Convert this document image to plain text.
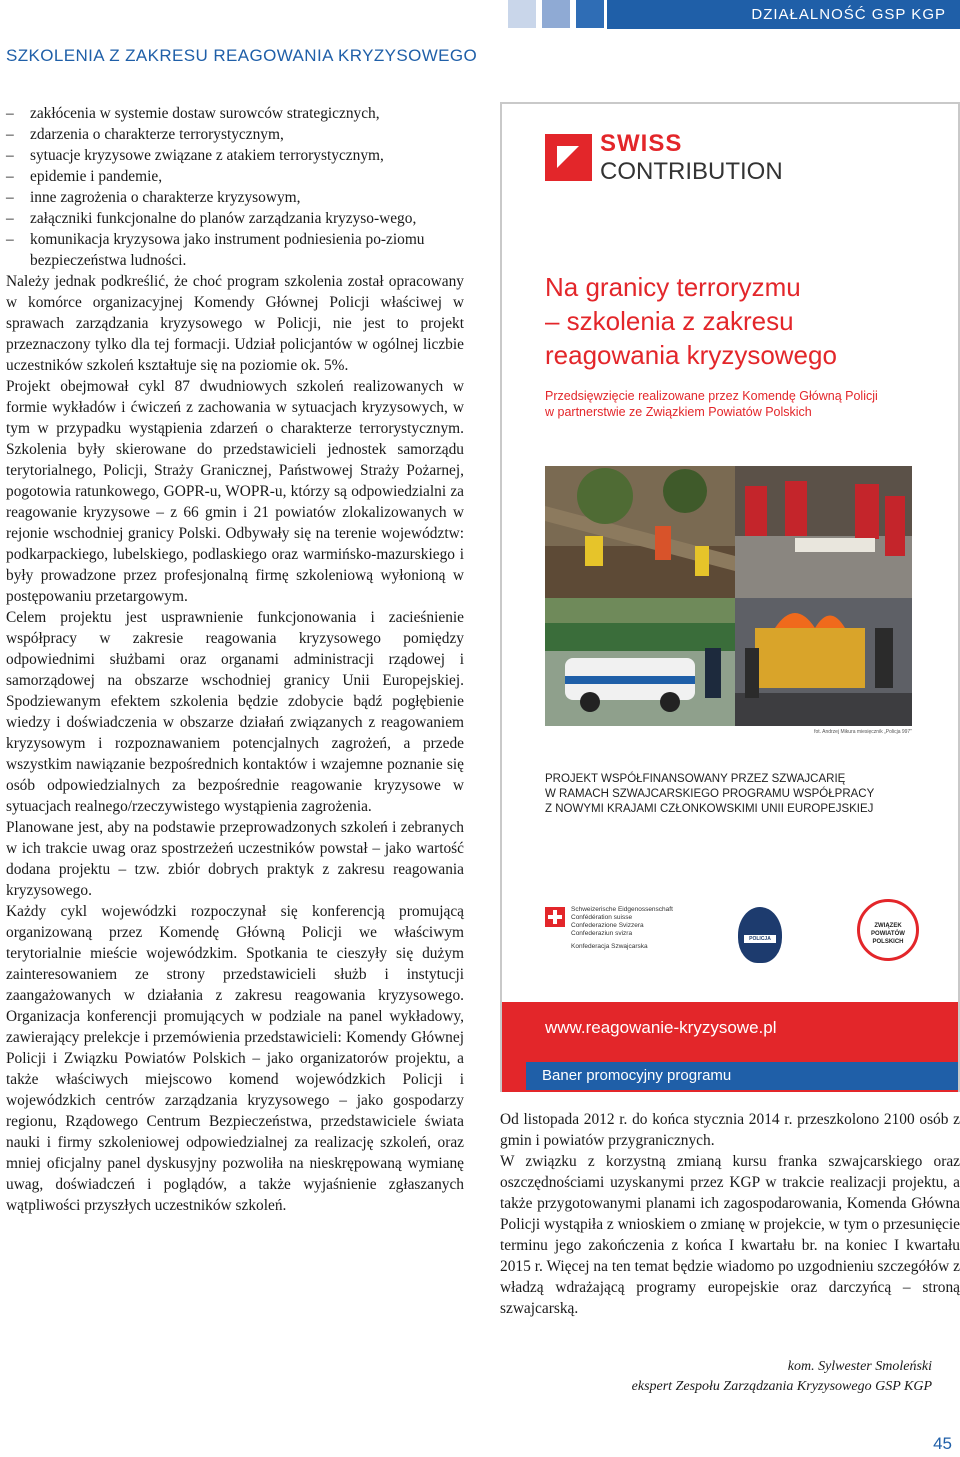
DZIAŁALNOŚĆ GSP KGP
SZKOLENIA Z ZAKRESU REAGOWANIA KRYZYSOWEGO
– zakłócenia w systemie dostaw surowców strategicznych,
– zdarzenia o charakterze terrorystycznym,
– sytuacje kryzysowe związane z atakiem terrorystycznym,
– epidemie i pandemie,
– inne zagrożenia o charakterze kryzysowym,
– załączniki funkcjonalne do planów zarządzania kryzyso-wego,
– komunikacja kryzysowa jako instrument podniesienia po-ziomu bezpieczeństwa ludności.

Należy jednak podkreślić, że choć program szkolenia został opracowany w komórce organizacyjnej Komendy Głównej Policji właściwej w sprawach zarządzania kryzysowego w Policji, nie jest to projekt przeznaczony tylko dla tej formacji. Udział policjantów w ogólnej liczbie uczestników szkoleń kształtuje się na poziomie ok. 5%.

Projekt obejmował cykl 87 dwudniowych szkoleń realizowanych w formie wykładów i ćwiczeń z zachowania w sytuacjach kryzysowych, w tym w przypadku wystąpienia zdarzeń o charakterze terrorystycznym. Szkolenia były skierowane do przedstawicieli jednostek samorządu terytorialnego, Policji, Straży Granicznej, Państwowej Straży Pożarnej, pogotowia ratunkowego, GOPR-u, WOPR-u, którzy są odpowiedzialni za reagowanie kryzysowe – z 66 gmin i 21 powiatów zlokalizowanych w rejonie wschodniej granicy Polski. Odbywały się na terenie województw: podkarpackiego, lubelskiego, podlaskiego oraz warmińsko-mazurskiego i były prowadzone przez profesjonalną firmę szkoleniową wyłonioną w postępowaniu przetargowym.

Celem projektu jest usprawnienie funkcjonowania i zacieśnienie współpracy w zakresie reagowania kryzysowego pomiędzy odpowiednimi służbami oraz organami administracji rządowej i samorządowej na obszarze wschodniej granicy Unii Europejskiej. Spodziewanym efektem szkolenia będzie zdobycie bądź pogłębienie wiedzy i doświadczenia w obszarze działań związanych z reagowaniem kryzysowym i rozpoznawaniem potencjalnych zagrożeń, a przede wszystkim nawiązanie bezpośrednich kontaktów i wzajemne poznanie się osób odpowiedzialnych za bezpośrednie reagowanie kryzysowe w sytuacjach realnego/rzeczywistego wystąpienia zagrożenia.

Planowane jest, aby na podstawie przeprowadzonych szkoleń i zebranych w ich trakcie uwag oraz spostrzeżeń uczestników powstał – jako wartość dodana projektu – tzw. zbiór dobrych praktyk z zakresu reagowania kryzysowego.

Każdy cykl wojewódzki rozpoczynał się konferencją promującą organizowaną przez Komendę Główną Policji we właściwym terytorialnie mieście wojewódzkim. Spotkania te cieszyły się dużym zainteresowaniem ze strony przedstawicieli służb i instytucji zaangażowanych w działania z zakresu reagowania kryzysowego. Organizacja konferencji promujących w podziale na panel wykładowy, zawierający prelekcje i przemówienia przedstawicieli: Komendy Głównej Policji i Związku Powiatów Polskich – jako organizatorów projektu, a także właściwych miejscowo komend wojewódzkich Policji i wojewódzkich centrów zarządzania kryzysowego – jako gospodarzy regionu, Rządowego Centrum Bezpieczeństwa, przedstawiciele świata nauki i firmy szkoleniowej odpowiedzialnej za realizację szkoleń, oraz mniej oficjalny panel dyskusyjny pozwoliła na nieskrępowaną wymianę uwag, doświadczeń i poglądów, a także wyjaśnienie zgłaszanych wątpliwości przyszłych uczestników szkoleń.

SWISS
CONTRIBUTION
Na granicy terroryzmu
– szkolenia z zakresu
reagowania kryzysowego
Przedsięwzięcie realizowane przez Komendę Główną Policji
w partnerstwie ze Związkiem Powiatów Polskich
fot. Andrzej Mikura miesięcznik „Policja 997"
PROJEKT WSPÓŁFINANSOWANY PRZEZ SZWAJCARIĘ
W RAMACH SZWAJCARSKIEGO PROGRAMU WSPÓŁPRACY
Z NOWYMI KRAJAMI CZŁONKOWSKIMI UNII EUROPEJSKIEJ
Schweizerische Eidgenossenschaft
Confédération suisse
Confederazione Svizzera
Confederaziun svizra
Konfederacja Szwajcarska
POLICJA
ZWIĄZEK POWIATÓW POLSKICH
www.reagowanie-kryzysowe.pl
Baner promocyjny programu

Od listopada 2012 r. do końca stycznia 2014 r. przeszkolono 2100 osób z gmin i powiatów przygranicznych.

W związku z korzystną zmianą kursu franka szwajcarskiego oraz oszczędnościami uzyskanymi przez KGP w trakcie realizacji projektu, a także przygotowanymi planami ich zagospodarowania, Komenda Główna Policji wystąpiła z wnioskiem o zmianę w projekcie, w tym o przesunięcie terminu jego zakończenia z końca I kwartału br. na koniec I kwartału 2015 r. Więcej na ten temat będzie wiadomo po uzgodnieniu szczegółów z władzą wdrażającą programy europejskie oraz darczyńcą – stroną szwajcarską.

kom. Sylwester Smoleński
ekspert Zespołu Zarządzania Kryzysowego GSP KGP
45
